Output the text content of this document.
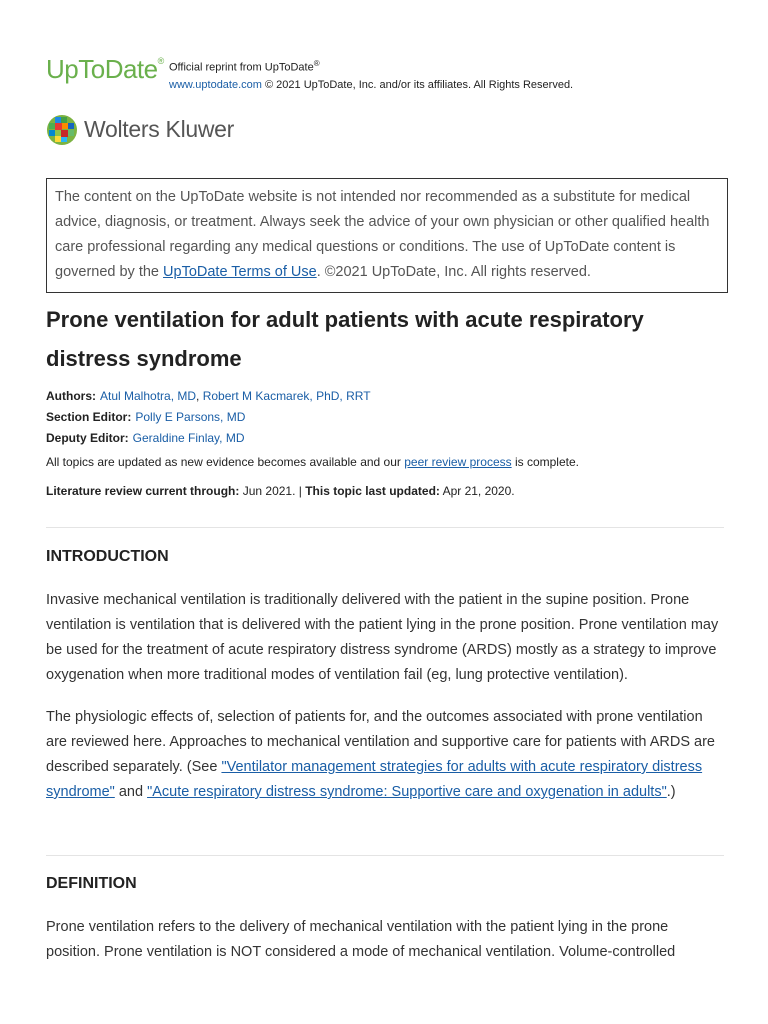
UpToDate®
Official reprint from UpToDate®
www.uptodate.com © 2021 UpToDate, Inc. and/or its affiliates. All Rights Reserved.
Wolters Kluwer
The content on the UpToDate website is not intended nor recommended as a substitute for medical advice, diagnosis, or treatment. Always seek the advice of your own physician or other qualified health care professional regarding any medical questions or conditions. The use of UpToDate content is governed by the UpToDate Terms of Use. ©2021 UpToDate, Inc. All rights reserved.
Prone ventilation for adult patients with acute respiratory distress syndrome
Authors: Atul Malhotra, MD, Robert M Kacmarek, PhD, RRT
Section Editor: Polly E Parsons, MD
Deputy Editor: Geraldine Finlay, MD
All topics are updated as new evidence becomes available and our peer review process is complete.
Literature review current through: Jun 2021. | This topic last updated: Apr 21, 2020.
INTRODUCTION

Invasive mechanical ventilation is traditionally delivered with the patient in the supine position. Prone ventilation is ventilation that is delivered with the patient lying in the prone position. Prone ventilation may be used for the treatment of acute respiratory distress syndrome (ARDS) mostly as a strategy to improve oxygenation when more traditional modes of ventilation fail (eg, lung protective ventilation).

The physiologic effects of, selection of patients for, and the outcomes associated with prone ventilation are reviewed here. Approaches to mechanical ventilation and supportive care for patients with ARDS are described separately. (See "Ventilator management strategies for adults with acute respiratory distress syndrome" and "Acute respiratory distress syndrome: Supportive care and oxygenation in adults".)

DEFINITION

Prone ventilation refers to the delivery of mechanical ventilation with the patient lying in the prone position. Prone ventilation is NOT considered a mode of mechanical ventilation. Volume-controlled
